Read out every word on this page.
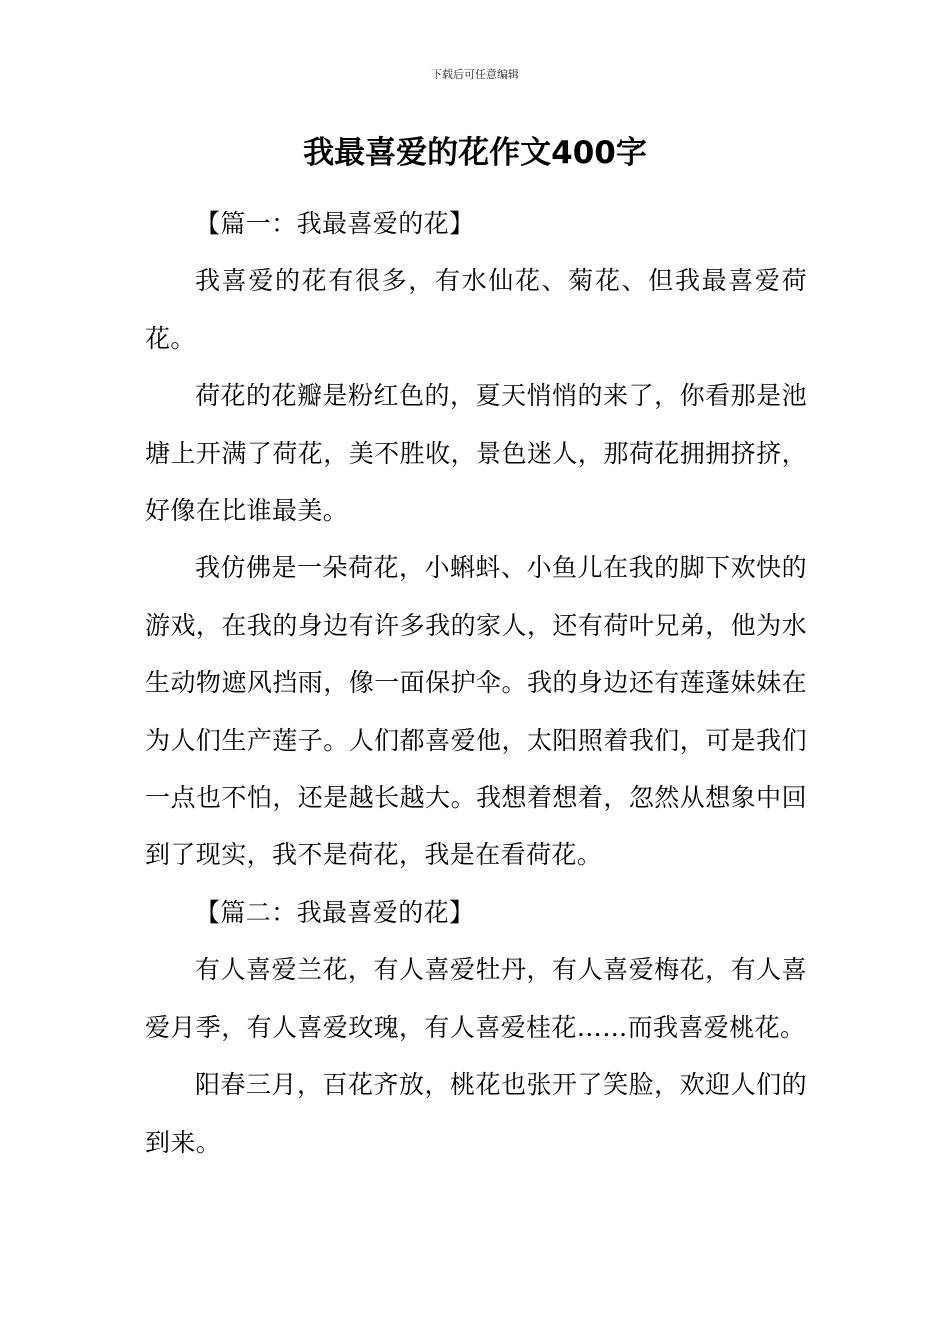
下载后可任意编辑
我最喜爱的花作文400字
【篇一：我最喜爱的花】

我喜爱的花有很多，有水仙花、菊花、但我最喜爱荷花。

荷花的花瓣是粉红色的，夏天悄悄的来了，你看那是池塘上开满了荷花，美不胜收，景色迷人，那荷花拥拥挤挤，好像在比谁最美。

我仿佛是一朵荷花，小蝌蚪、小鱼儿在我的脚下欢快的游戏，在我的身边有许多我的家人，还有荷叶兄弟，他为水生动物遮风挡雨，像一面保护伞。我的身边还有莲蓬妹妹在为人们生产莲子。人们都喜爱他，太阳照着我们，可是我们一点也不怕，还是越长越大。我想着想着，忽然从想象中回到了现实，我不是荷花，我是在看荷花。

【篇二：我最喜爱的花】

有人喜爱兰花，有人喜爱牡丹，有人喜爱梅花，有人喜爱月季，有人喜爱玫瑰，有人喜爱桂花……而我喜爱桃花。

阳春三月，百花齐放，桃花也张开了笑脸，欢迎人们的到来。
